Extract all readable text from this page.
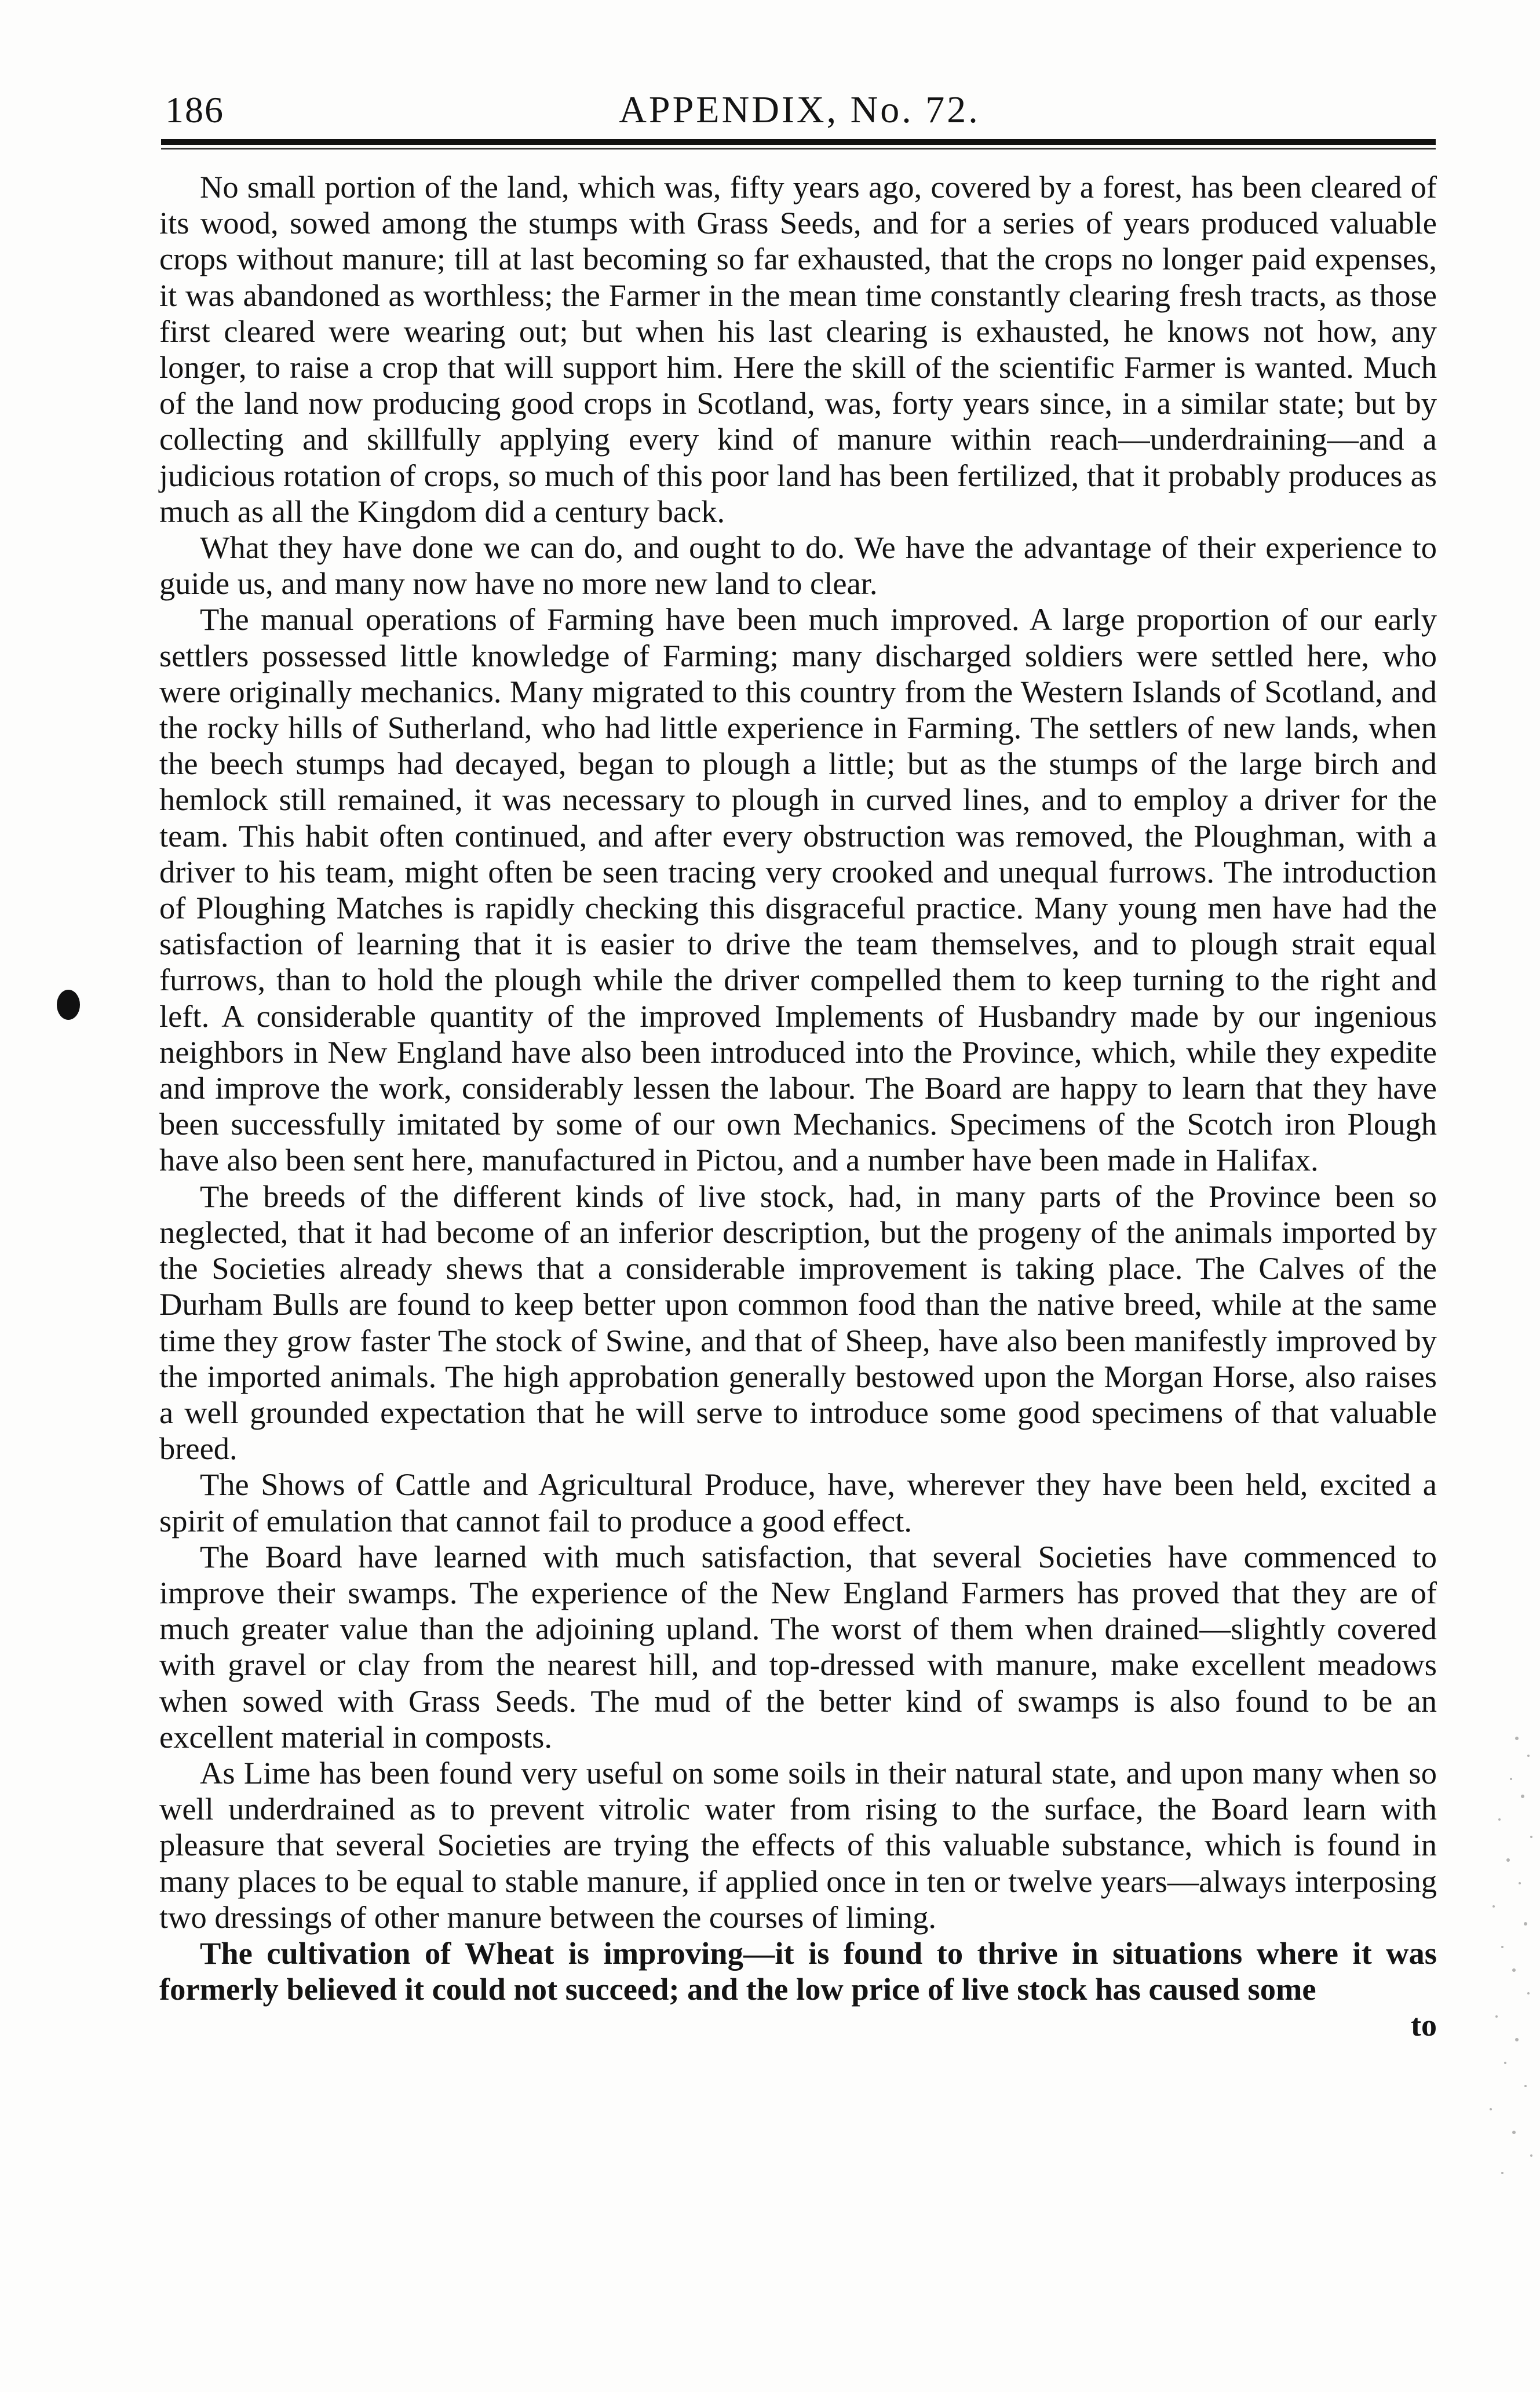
186	APPENDIX, No. 72.

No small portion of the land, which was, fifty years ago, covered by a forest, has been cleared of its wood, sowed among the stumps with Grass Seeds, and for a series of years produced valuable crops without manure; till at last becoming so far exhausted, that the crops no longer paid expenses, it was abandoned as worthless; the Farmer in the mean time constantly clearing fresh tracts, as those first cleared were wearing out; but when his last clearing is exhausted, he knows not how, any longer, to raise a crop that will support him. Here the skill of the scientific Farmer is wanted. Much of the land now producing good crops in Scotland, was, forty years since, in a similar state; but by collecting and skillfully applying every kind of manure within reach—underdraining—and a judicious rotation of crops, so much of this poor land has been fertilized, that it probably produces as much as all the Kingdom did a century back.

What they have done we can do, and ought to do. We have the advantage of their experience to guide us, and many now have no more new land to clear.

The manual operations of Farming have been much improved. A large proportion of our early settlers possessed little knowledge of Farming; many discharged soldiers were settled here, who were originally mechanics. Many migrated to this country from the Western Islands of Scotland, and the rocky hills of Sutherland, who had little experience in Farming. The settlers of new lands, when the beech stumps had decayed, began to plough a little; but as the stumps of the large birch and hemlock still remained, it was necessary to plough in curved lines, and to employ a driver for the team. This habit often continued, and after every obstruction was removed, the Ploughman, with a driver to his team, might often be seen tracing very crooked and unequal furrows. The introduction of Ploughing Matches is rapidly checking this disgraceful practice. Many young men have had the satisfaction of learning that it is easier to drive the team themselves, and to plough strait equal furrows, than to hold the plough while the driver compelled them to keep turning to the right and left. A considerable quantity of the improved Implements of Husbandry made by our ingenious neighbors in New England have also been introduced into the Province, which, while they expedite and improve the work, considerably lessen the labour. The Board are happy to learn that they have been successfully imitated by some of our own Mechanics. Specimens of the Scotch iron Plough have also been sent here, manufactured in Pictou, and a number have been made in Halifax.

The breeds of the different kinds of live stock, had, in many parts of the Province been so neglected, that it had become of an inferior description, but the progeny of the animals imported by the Societies already shews that a considerable improvement is taking place. The Calves of the Durham Bulls are found to keep better upon common food than the native breed, while at the same time they grow faster The stock of Swine, and that of Sheep, have also been manifestly improved by the imported animals. The high approbation generally bestowed upon the Morgan Horse, also raises a well grounded expectation that he will serve to introduce some good specimens of that valuable breed.

The Shows of Cattle and Agricultural Produce, have, wherever they have been held, excited a spirit of emulation that cannot fail to produce a good effect.

The Board have learned with much satisfaction, that several Societies have commenced to improve their swamps. The experience of the New England Farmers has proved that they are of much greater value than the adjoining upland. The worst of them when drained—slightly covered with gravel or clay from the nearest hill, and top-dressed with manure, make excellent meadows when sowed with Grass Seeds. The mud of the better kind of swamps is also found to be an excellent material in composts.

As Lime has been found very useful on some soils in their natural state, and upon many when so well underdrained as to prevent vitrolic water from rising to the surface, the Board learn with pleasure that several Societies are trying the effects of this valuable substance, which is found in many places to be equal to stable manure, if applied once in ten or twelve years—always interposing two dressings of other manure between the courses of liming.

The cultivation of Wheat is improving—it is found to thrive in situations where it was formerly believed it could not succeed; and the low price of live stock has caused some

to
